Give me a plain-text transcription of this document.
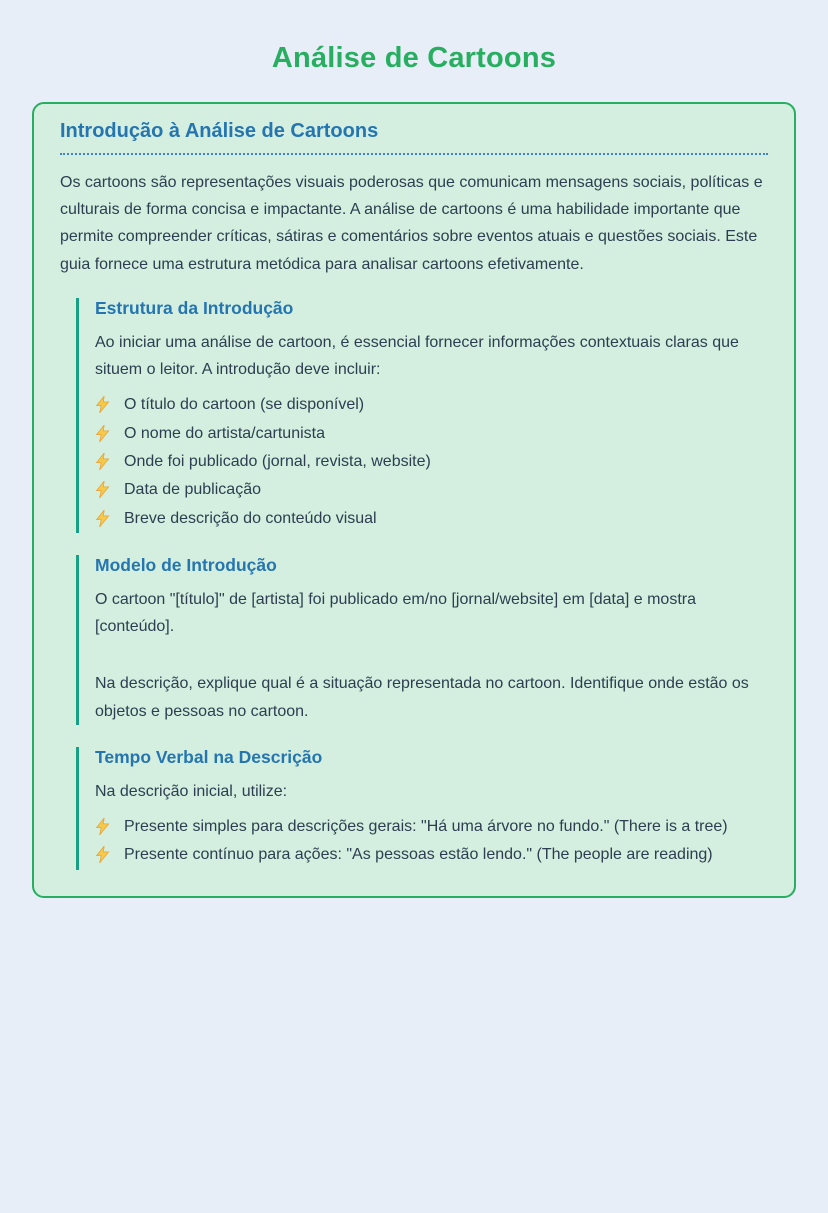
Análise de Cartoons
Introdução à Análise de Cartoons

Os cartoons são representações visuais poderosas que comunicam mensagens sociais, políticas e culturais de forma concisa e impactante. A análise de cartoons é uma habilidade importante que permite compreender críticas, sátiras e comentários sobre eventos atuais e questões sociais. Este guia fornece uma estrutura metódica para analisar cartoons efetivamente.

Estrutura da Introdução

Ao iniciar uma análise de cartoon, é essencial fornecer informações contextuais claras que situem o leitor. A introdução deve incluir:

O título do cartoon (se disponível)
O nome do artista/cartunista
Onde foi publicado (jornal, revista, website)
Data de publicação
Breve descrição do conteúdo visual
Modelo de Introdução

O cartoon "[título]" de [artista] foi publicado em/no [jornal/website] em [data] e mostra [conteúdo].

Na descrição, explique qual é a situação representada no cartoon. Identifique onde estão os objetos e pessoas no cartoon.

Tempo Verbal na Descrição

Na descrição inicial, utilize:

Presente simples para descrições gerais: "Há uma árvore no fundo." (There is a tree)
Presente contínuo para ações: "As pessoas estão lendo." (The people are reading)
